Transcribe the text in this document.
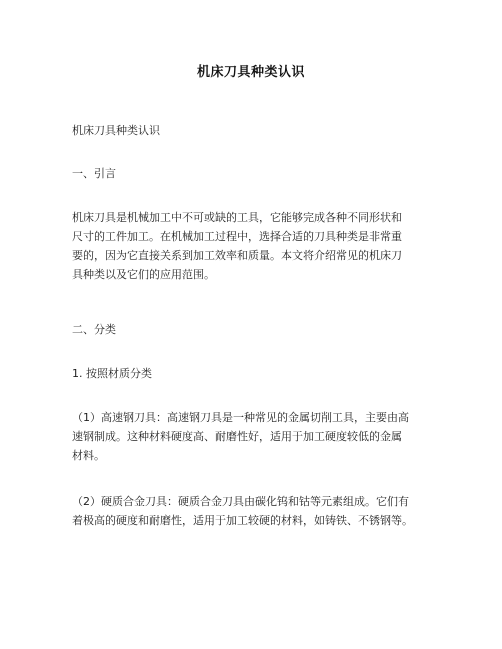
机床刀具种类认识
机床刀具种类认识
一、引言
机床刀具是机械加工中不可或缺的工具，它能够完成各种不同形状和
尺寸的工件加工。在机械加工过程中，选择合适的刀具种类是非常重
要的，因为它直接关系到加工效率和质量。本文将介绍常见的机床刀
具种类以及它们的应用范围。
二、分类
1. 按照材质分类
（1）高速钢刀具：高速钢刀具是一种常见的金属切削工具，主要由高
速钢制成。这种材料硬度高、耐磨性好，适用于加工硬度较低的金属
材料。
（2）硬质合金刀具：硬质合金刀具由碳化钨和钴等元素组成。它们有
着极高的硬度和耐磨性，适用于加工较硬的材料，如铸铁、不锈钢等。
